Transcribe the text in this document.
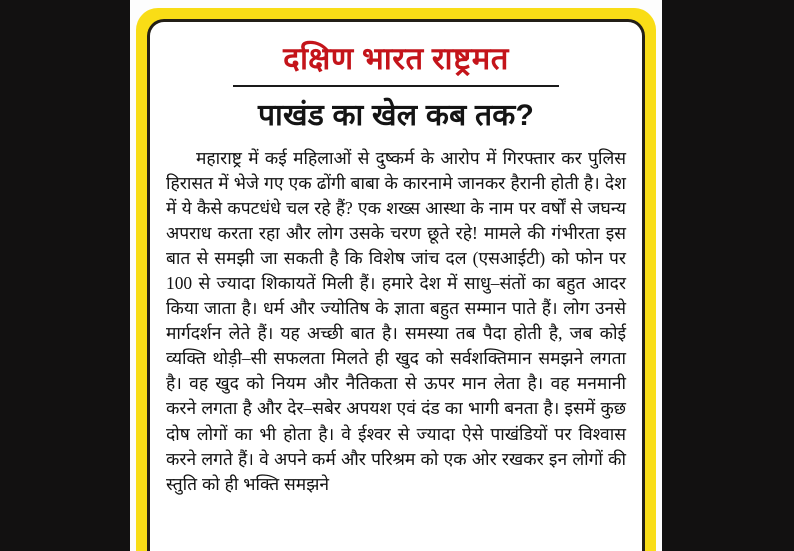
दक्षिण भारत राष्ट्रमत
पाखंड का खेल कब तक?

महाराष्ट्र में कई महिलाओं से दुष्कर्म के आरोप में गिरफ्तार कर पुलिस हिरासत में भेजे गए एक ढोंगी बाबा के कारनामे जानकर हैरानी होती है। देश में ये कैसे कपटधंधे चल रहे हैं? एक शख्स आस्था के नाम पर वर्षों से जघन्य अपराध करता रहा और लोग उसके चरण छूते रहे! मामले की गंभीरता इस बात से समझी जा सकती है कि विशेष जांच दल (एसआईटी) को फोन पर 100 से ज्यादा शिकायतें मिली हैं। हमारे देश में साधु–संतों का बहुत आदर किया जाता है। धर्म और ज्योतिष के ज्ञाता बहुत सम्मान पाते हैं। लोग उनसे मार्गदर्शन लेते हैं। यह अच्छी बात है। समस्या तब पैदा होती है, जब कोई व्यक्ति थोड़ी–सी सफलता मिलते ही खुद को सर्वशक्तिमान समझने लगता है। वह खुद को नियम और नैतिकता से ऊपर मान लेता है। वह मनमानी करने लगता है और देर–सबेर अपयश एवं दंड का भागी बनता है। इसमें कुछ दोष लोगों का भी होता है। वे ईश्वर से ज्यादा ऐसे पाखंडियों पर विश्वास करने लगते हैं। वे अपने कर्म और परिश्रम को एक ओर रखकर इन लोगों की स्तुति को ही भक्ति समझने
